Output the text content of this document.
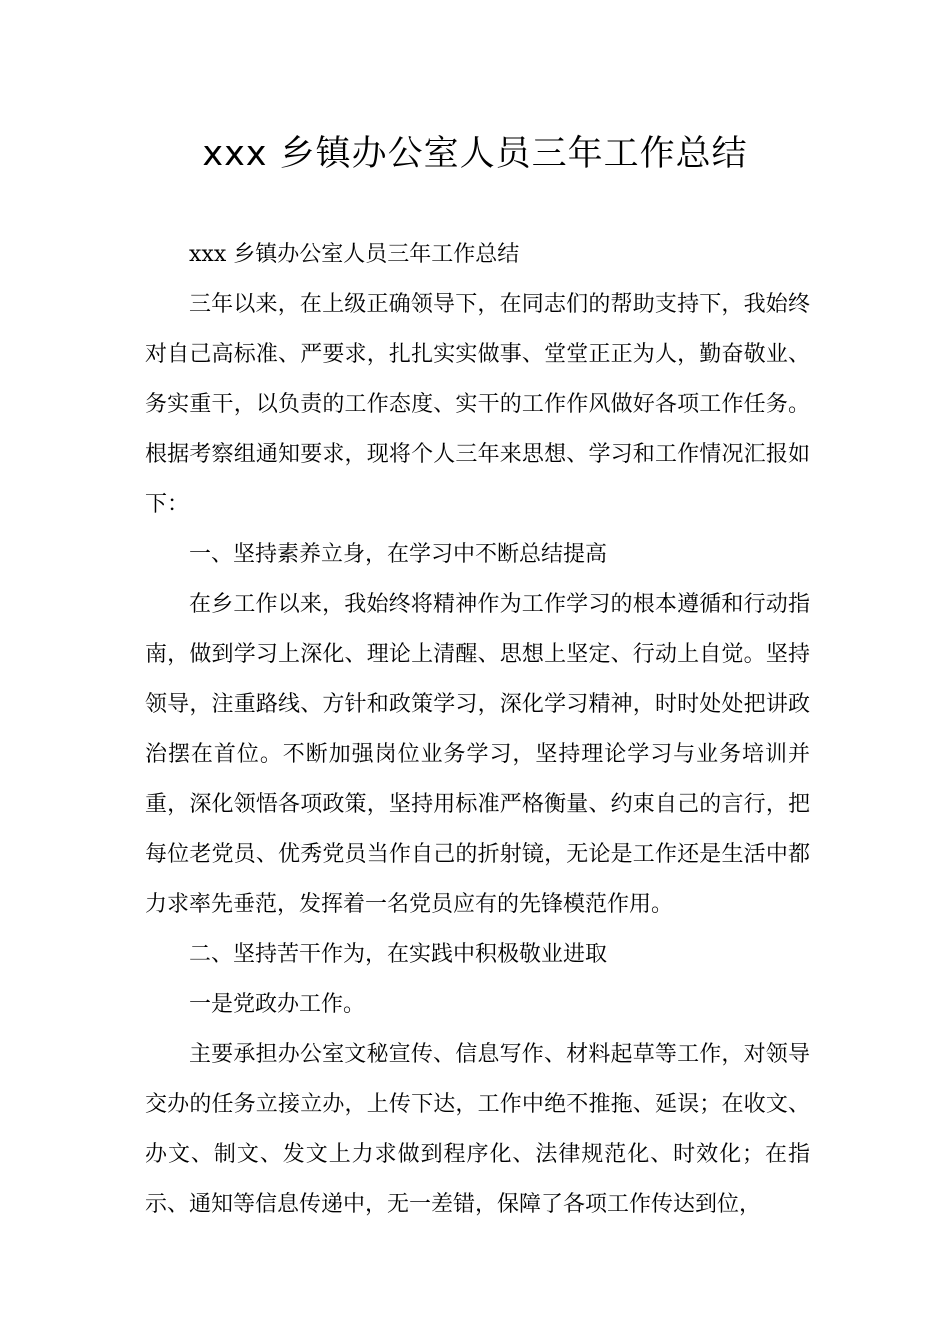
xxx 乡镇办公室人员三年工作总结

xxx 乡镇办公室人员三年工作总结

三年以来，在上级正确领导下，在同志们的帮助支持下，我始终对自己高标准、严要求，扎扎实实做事、堂堂正正为人，勤奋敬业、务实重干，以负责的工作态度、实干的工作作风做好各项工作任务。根据考察组通知要求，现将个人三年来思想、学习和工作情况汇报如下：

一、坚持素养立身，在学习中不断总结提高

在乡工作以来，我始终将精神作为工作学习的根本遵循和行动指南，做到学习上深化、理论上清醒、思想上坚定、行动上自觉。坚持领导，注重路线、方针和政策学习，深化学习精神，时时处处把讲政治摆在首位。不断加强岗位业务学习，坚持理论学习与业务培训并重，深化领悟各项政策，坚持用标准严格衡量、约束自己的言行，把每位老党员、优秀党员当作自己的折射镜，无论是工作还是生活中都力求率先垂范，发挥着一名党员应有的先锋模范作用。

二、坚持苦干作为，在实践中积极敬业进取

一是党政办工作。

主要承担办公室文秘宣传、信息写作、材料起草等工作，对领导交办的任务立接立办，上传下达，工作中绝不推拖、延误；在收文、办文、制文、发文上力求做到程序化、法律规范化、时效化；在指示、通知等信息传递中，无一差错，保障了各项工作传达到位，
